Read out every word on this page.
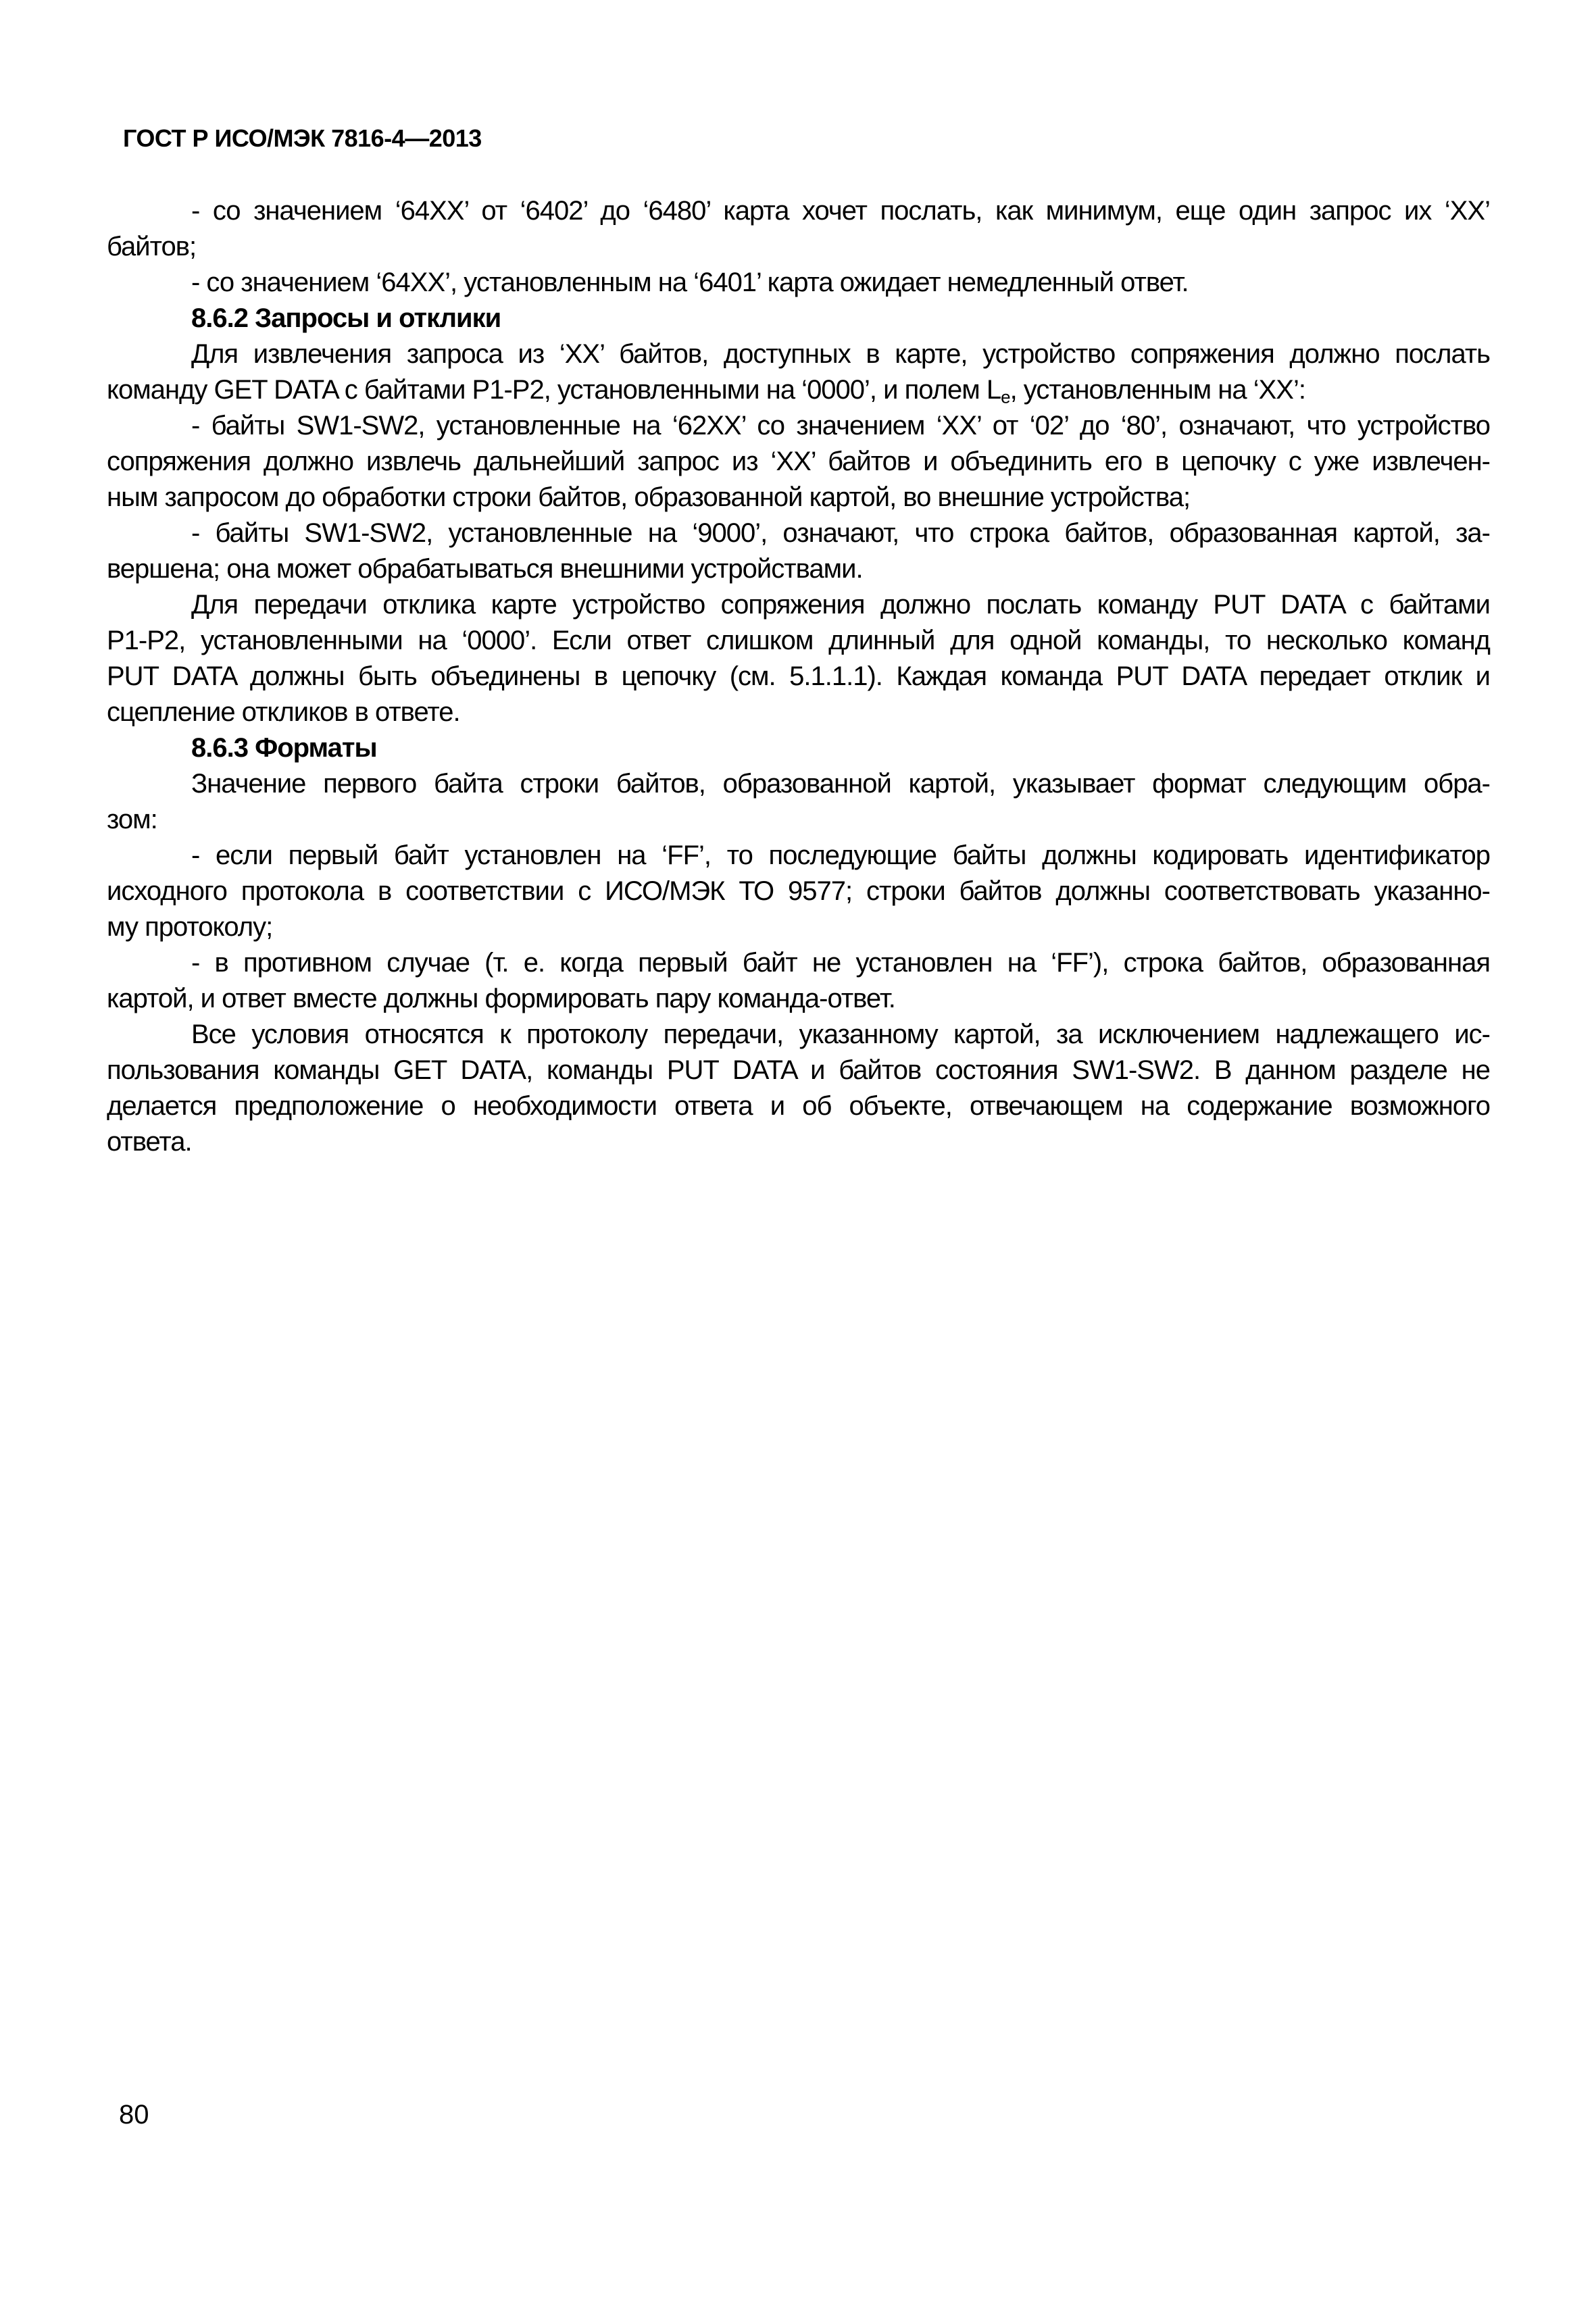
ГОСТ Р ИСО/МЭК 7816-4—2013
- со значением ‘64XX’ от ‘6402’ до ‘6480’ карта хочет послать, как минимум, еще один запрос их ‘XX’
байтов;
- со значением ‘64XX’, установленным на ‘6401’ карта ожидает немедленный ответ.
8.6.2 Запросы и отклики
Для извлечения запроса из ‘XX’ байтов, доступных в карте, устройство сопряжения должно послать
команду GET DATA с байтами P1-P2, установленными на ‘0000’, и полем $L_e$, установленным на ‘XX’:
- байты SW1-SW2, установленные на ‘62XX’ со значением ‘XX’ от ‘02’ до ‘80’, означают, что устройство
сопряжения должно извлечь дальнейший запрос из ‘XX’ байтов и объединить его в цепочку с уже извлечен-
ным запросом до обработки строки байтов, образованной картой, во внешние устройства;
- байты SW1-SW2, установленные на ‘9000’, означают, что строка байтов, образованная картой, за-
вершена; она может обрабатываться внешними устройствами.
Для передачи отклика карте устройство сопряжения должно послать команду PUT DATA с байтами
P1-P2, установленными на ‘0000’. Если ответ слишком длинный для одной команды, то несколько команд
PUT DATA должны быть объединены в цепочку (см. 5.1.1.1). Каждая команда PUT DATA передает отклик и
сцепление откликов в ответе.
8.6.3 Форматы
Значение первого байта строки байтов, образованной картой, указывает формат следующим обра-
зом:
- если первый байт установлен на ‘FF’, то последующие байты должны кодировать идентификатор
исходного протокола в соответствии с ИСО/МЭК ТО 9577; строки байтов должны соответствовать указанно-
му протоколу;
- в противном случае (т. е. когда первый байт не установлен на ‘FF’), строка байтов, образованная
картой, и ответ вместе должны формировать пару команда-ответ.
Все условия относятся к протоколу передачи, указанному картой, за исключением надлежащего ис-
пользования команды GET DATA, команды PUT DATA и байтов состояния SW1-SW2. В данном разделе не
делается предположение о необходимости ответа и об объекте, отвечающем на содержание возможного
ответа.
80
